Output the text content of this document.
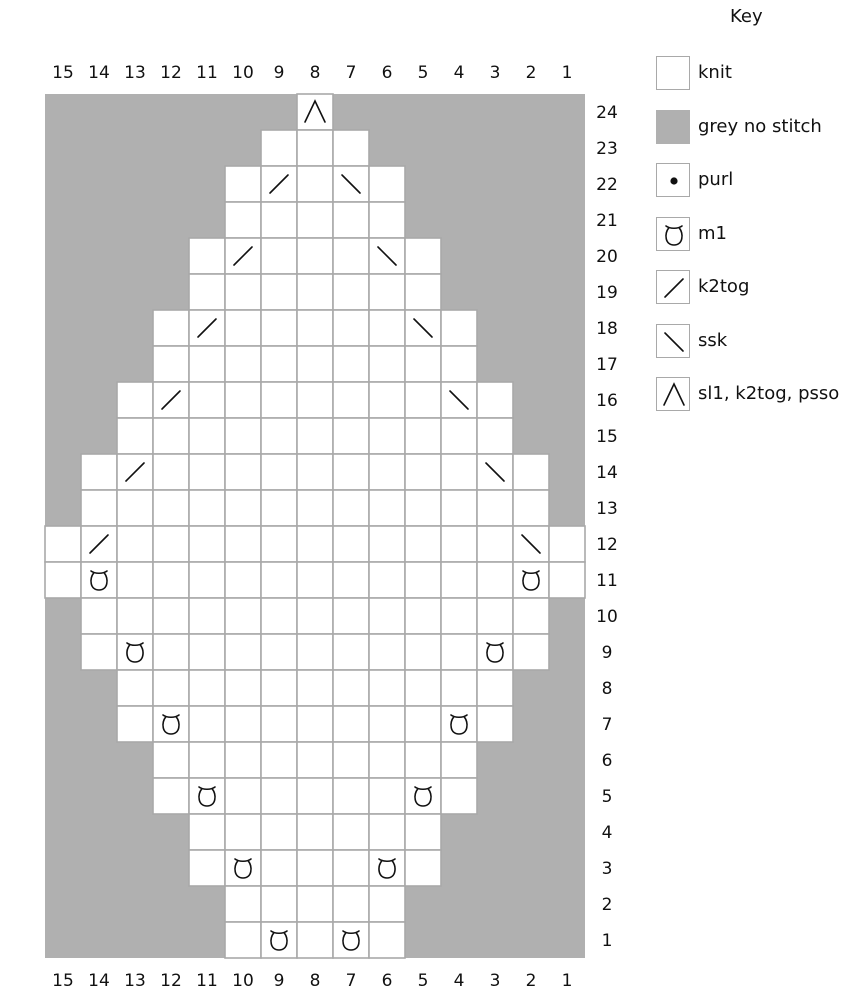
15
15
14
14
13
13
12
12
11
11
10
10
9
9
8
8
7
7
6
6
5
5
4
4
3
3
2
2
1
1
24
23
22
21
20
19
18
17
16
15
14
13
12
11
10
9
8
7
6
5
4
3
2
1
Key
knit
grey no stitch
purl
m1
k2tog
ssk
sl1, k2tog, psso
